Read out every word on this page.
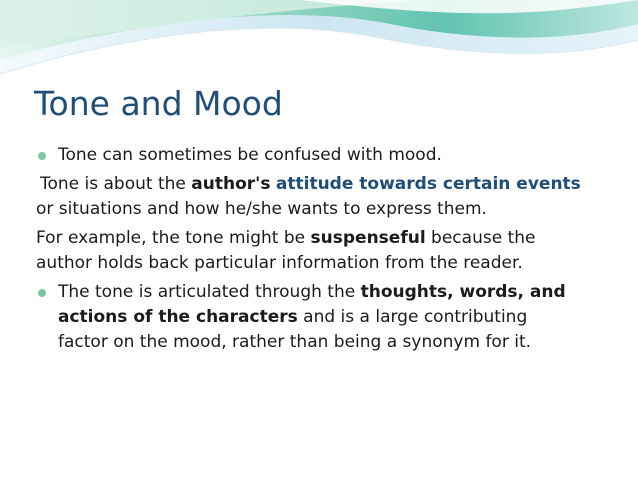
Tone and Mood
Tone can sometimes be confused with mood.
Tone is about the author's attitude towards certain events
or situations and how he/she wants to express them.
For example, the tone might be suspenseful because the
author holds back particular information from the reader.
The tone is articulated through the thoughts, words, and
actions of the characters and is a large contributing
factor on the mood, rather than being a synonym for it.
